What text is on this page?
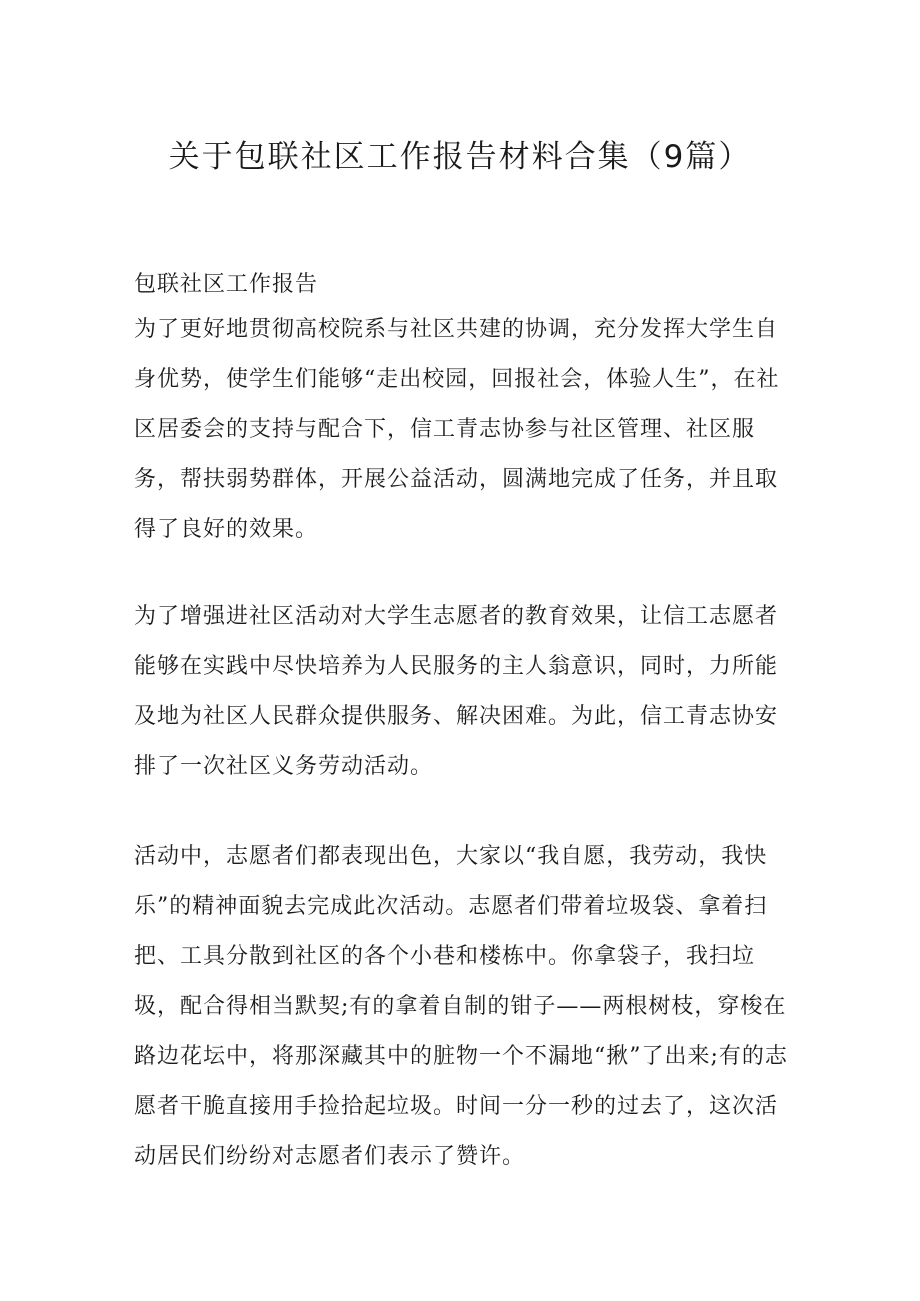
关于包联社区工作报告材料合集（9篇）

包联社区工作报告

为了更好地贯彻高校院系与社区共建的协调，充分发挥大学生自身优势，使学生们能够“走出校园，回报社会，体验人生”，在社区居委会的支持与配合下，信工青志协参与社区管理、社区服务，帮扶弱势群体，开展公益活动，圆满地完成了任务，并且取得了良好的效果。

为了增强进社区活动对大学生志愿者的教育效果，让信工志愿者能够在实践中尽快培养为人民服务的主人翁意识，同时，力所能及地为社区人民群众提供服务、解决困难。为此，信工青志协安排了一次社区义务劳动活动。

活动中，志愿者们都表现出色，大家以“我自愿，我劳动，我快乐”的精神面貌去完成此次活动。志愿者们带着垃圾袋、拿着扫把、工具分散到社区的各个小巷和楼栋中。你拿袋子，我扫垃圾，配合得相当默契;有的拿着自制的钳子——两根树枝，穿梭在路边花坛中，将那深藏其中的脏物一个不漏地“揪”了出来;有的志愿者干脆直接用手捡拾起垃圾。时间一分一秒的过去了，这次活动居民们纷纷对志愿者们表示了赞许。
